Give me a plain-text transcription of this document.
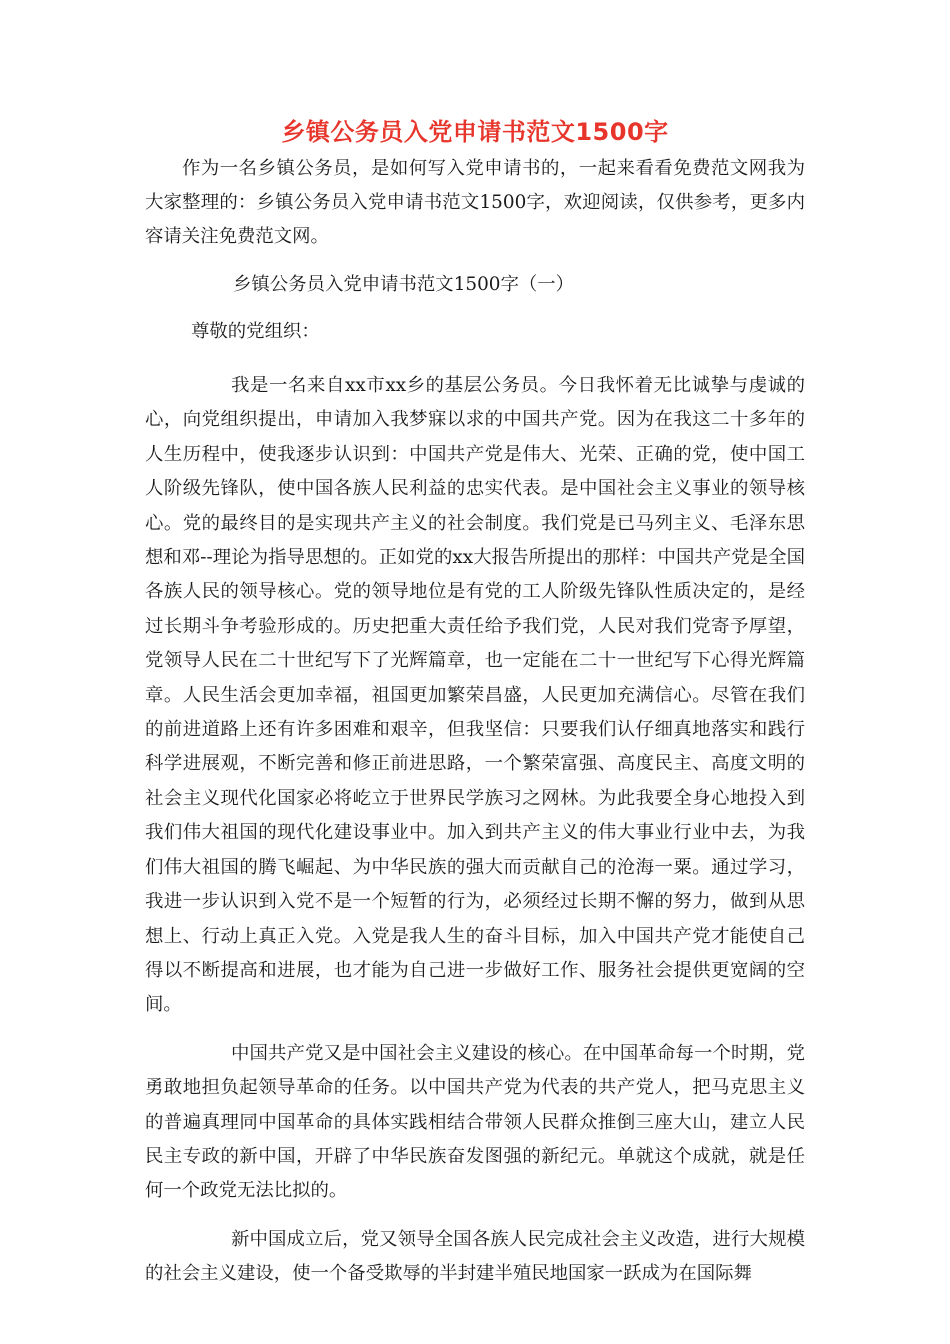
乡镇公务员入党申请书范文1500字

作为一名乡镇公务员，是如何写入党申请书的，一起来看看免费范文网我为大家整理的：乡镇公务员入党申请书范文1500字，欢迎阅读，仅供参考，更多内容请关注免费范文网。

乡镇公务员入党申请书范文1500字（一）

尊敬的党组织：

我是一名来自xx市xx乡的基层公务员。今日我怀着无比诚挚与虔诚的心，向党组织提出，申请加入我梦寐以求的中国共产党。因为在我这二十多年的人生历程中，使我逐步认识到：中国共产党是伟大、光荣、正确的党，使中国工人阶级先锋队，使中国各族人民利益的忠实代表。是中国社会主义事业的领导核心。党的最终目的是实现共产主义的社会制度。我们党是已马列主义、毛泽东思想和邓--理论为指导思想的。正如党的xx大报告所提出的那样：中国共产党是全国各族人民的领导核心。党的领导地位是有党的工人阶级先锋队性质决定的，是经过长期斗争考验形成的。历史把重大责任给予我们党，人民对我们党寄予厚望，党领导人民在二十世纪写下了光辉篇章，也一定能在二十一世纪写下心得光辉篇章。人民生活会更加幸福，祖国更加繁荣昌盛，人民更加充满信心。尽管在我们的前进道路上还有许多困难和艰辛，但我坚信：只要我们认仔细真地落实和践行科学进展观，不断完善和修正前进思路，一个繁荣富强、高度民主、高度文明的社会主义现代化国家必将屹立于世界民学族习之网林。为此我要全身心地投入到我们伟大祖国的现代化建设事业中。加入到共产主义的伟大事业行业中去，为我们伟大祖国的腾飞崛起、为中华民族的强大而贡献自己的沧海一粟。通过学习，我进一步认识到入党不是一个短暂的行为，必须经过长期不懈的努力，做到从思想上、行动上真正入党。入党是我人生的奋斗目标，加入中国共产党才能使自己得以不断提高和进展，也才能为自己进一步做好工作、服务社会提供更宽阔的空间。

中国共产党又是中国社会主义建设的核心。在中国革命每一个时期，党勇敢地担负起领导革命的任务。以中国共产党为代表的共产党人，把马克思主义的普遍真理同中国革命的具体实践相结合带领人民群众推倒三座大山，建立人民民主专政的新中国，开辟了中华民族奋发图强的新纪元。单就这个成就，就是任何一个政党无法比拟的。

新中国成立后，党又领导全国各族人民完成社会主义改造，进行大规模的社会主义建设，使一个备受欺辱的半封建半殖民地国家一跃成为在国际舞
